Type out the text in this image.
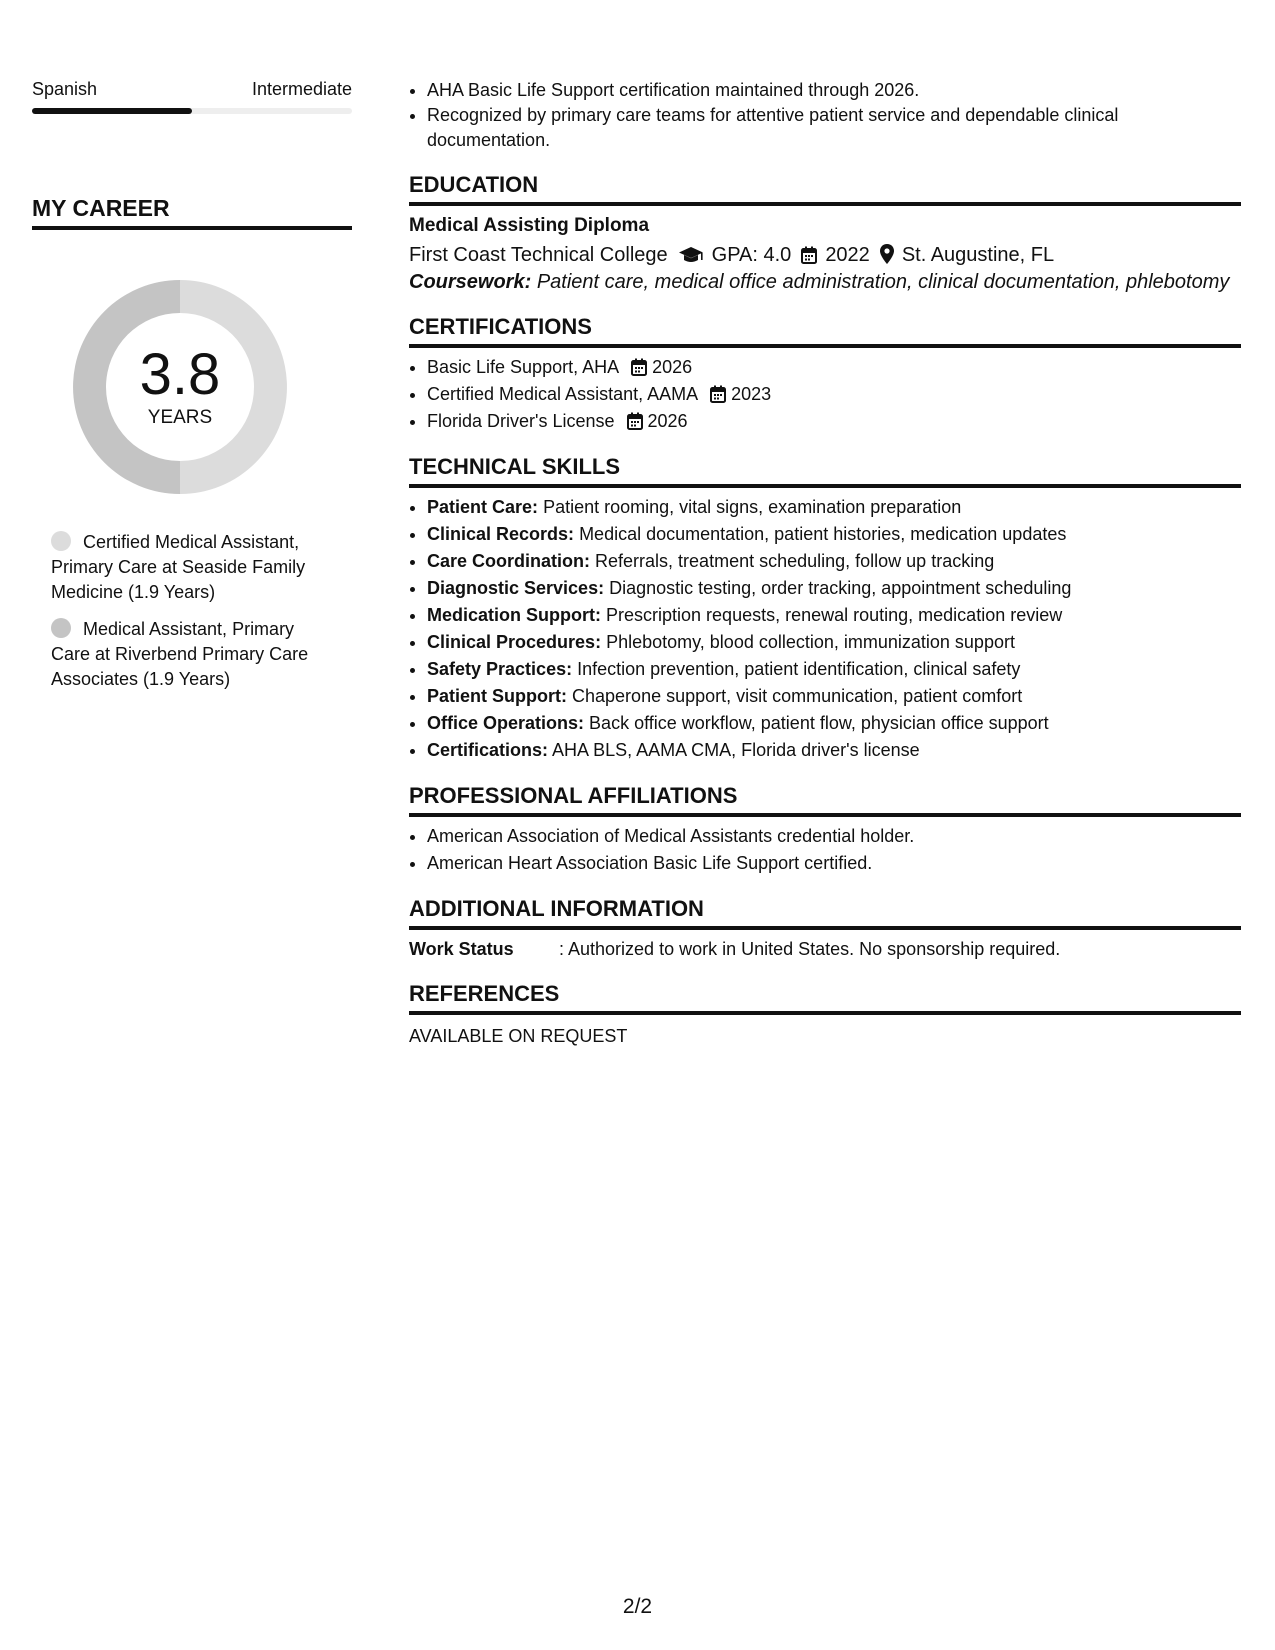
Spanish	Intermediate
MY CAREER
3.8
YEARS
Certified Medical Assistant, Primary Care at Seaside Family Medicine (1.9 Years)
Medical Assistant, Primary Care at Riverbend Primary Care Associates (1.9 Years)
• AHA Basic Life Support certification maintained through 2026.
• Recognized by primary care teams for attentive patient service and dependable clinical documentation.
EDUCATION
Medical Assisting Diploma
First Coast Technical College GPA: 4.0 2022 St. Augustine, FL
Coursework: Patient care, medical office administration, clinical documentation, phlebotomy
CERTIFICATIONS
• Basic Life Support, AHA 2026
• Certified Medical Assistant, AAMA 2023
• Florida Driver's License 2026
TECHNICAL SKILLS
• Patient Care: Patient rooming, vital signs, examination preparation
• Clinical Records: Medical documentation, patient histories, medication updates
• Care Coordination: Referrals, treatment scheduling, follow up tracking
• Diagnostic Services: Diagnostic testing, order tracking, appointment scheduling
• Medication Support: Prescription requests, renewal routing, medication review
• Clinical Procedures: Phlebotomy, blood collection, immunization support
• Safety Practices: Infection prevention, patient identification, clinical safety
• Patient Support: Chaperone support, visit communication, patient comfort
• Office Operations: Back office workflow, patient flow, physician office support
• Certifications: AHA BLS, AAMA CMA, Florida driver's license
PROFESSIONAL AFFILIATIONS
• American Association of Medical Assistants credential holder.
• American Heart Association Basic Life Support certified.
ADDITIONAL INFORMATION
Work Status	: Authorized to work in United States. No sponsorship required.
REFERENCES
AVAILABLE ON REQUEST
2/2
